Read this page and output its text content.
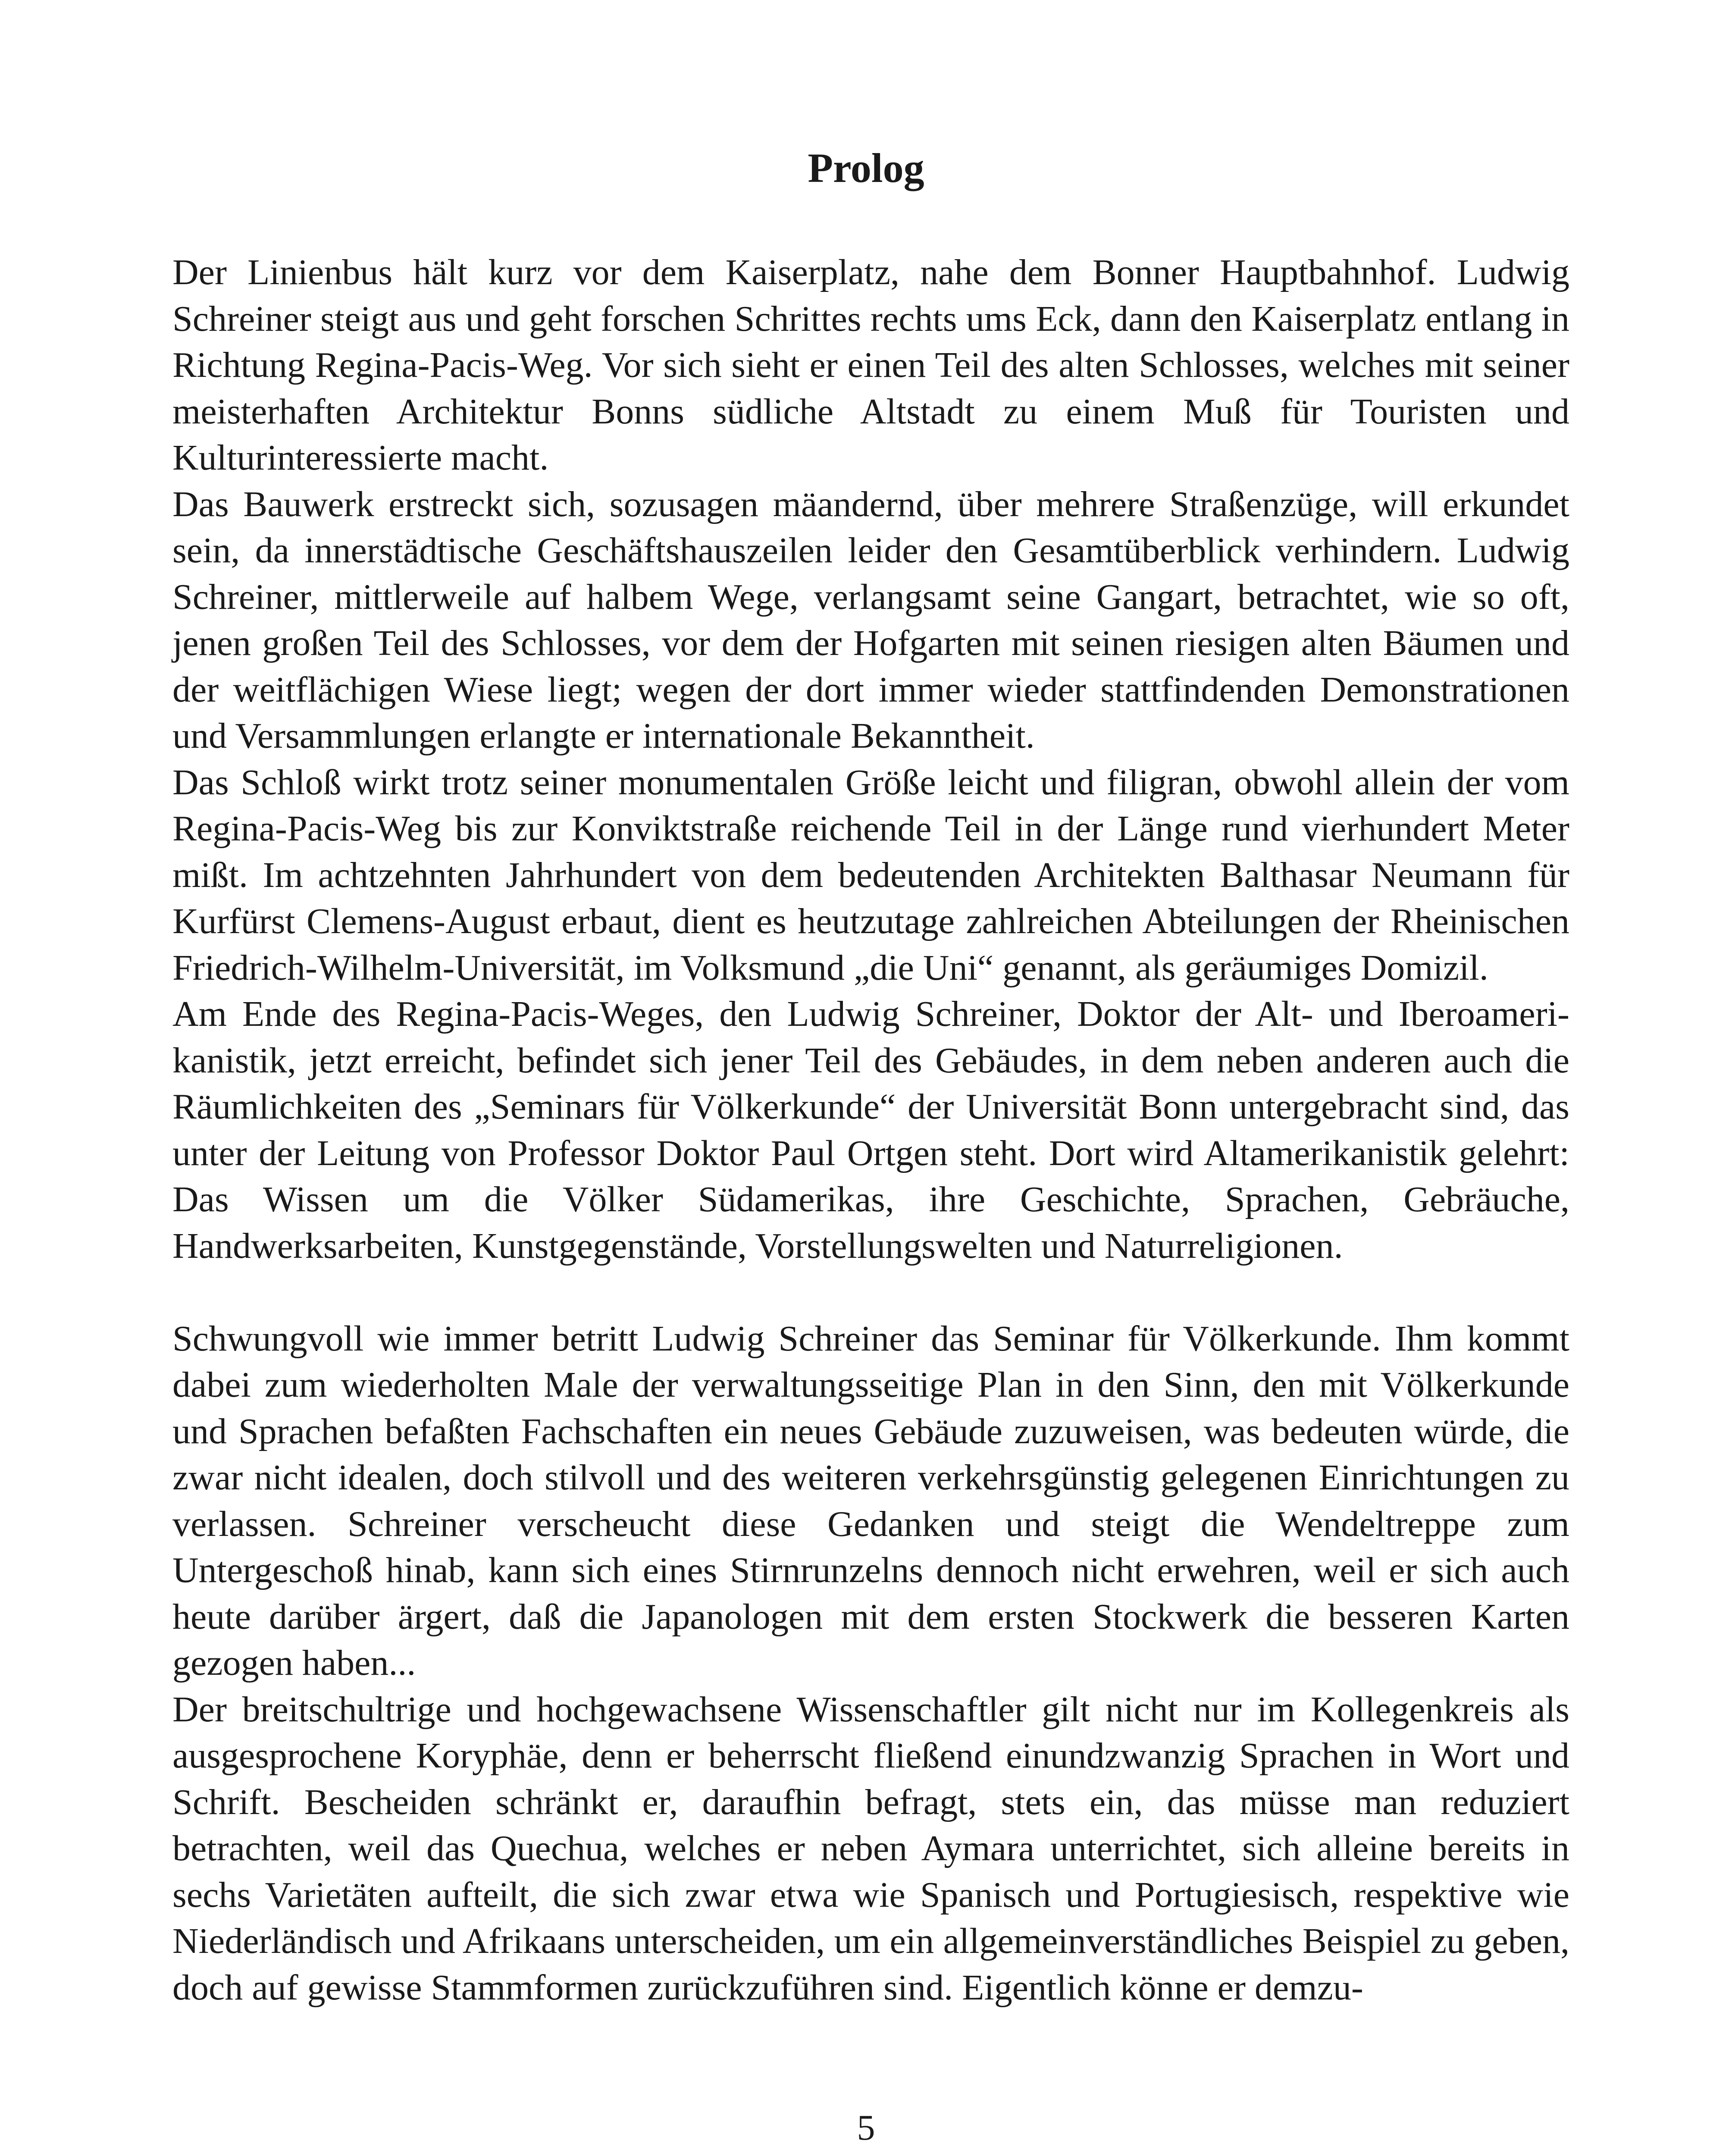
Prolog

Der Linienbus hält kurz vor dem Kaiserplatz, nahe dem Bonner Hauptbahnhof. Ludwig Schreiner steigt aus und geht forschen Schrittes rechts ums Eck, dann den Kaiserplatz entlang in Richtung Regina-Pacis-Weg. Vor sich sieht er einen Teil des alten Schlosses, welches mit seiner meisterhaften Architektur Bonns südliche Altstadt zu einem Muß für Touristen und Kulturinteressierte macht.

Das Bauwerk erstreckt sich, sozusagen mäandernd, über mehrere Straßenzüge, will erkundet sein, da innerstädtische Geschäftshauszeilen leider den Gesamtüberblick verhindern. Ludwig Schreiner, mittlerweile auf halbem Wege, verlangsamt seine Gangart, betrachtet, wie so oft, jenen großen Teil des Schlosses, vor dem der Hofgarten mit seinen riesigen alten Bäumen und der weitflächigen Wiese liegt; wegen der dort immer wieder stattfindenden Demonstrationen und Versammlungen erlangte er internationale Bekanntheit.

Das Schloß wirkt trotz seiner monumentalen Größe leicht und filigran, obwohl allein der vom Regina-Pacis-Weg bis zur Konviktstraße reichende Teil in der Länge rund vierhundert Meter mißt. Im achtzehnten Jahrhundert von dem bedeutenden Architekten Balthasar Neumann für Kurfürst Clemens-August erbaut, dient es heutzutage zahlreichen Abteilungen der Rheinischen Friedrich-Wilhelm-Universität, im Volksmund „die Uni“ genannt, als geräumiges Domizil.

Am Ende des Regina-Pacis-Weges, den Ludwig Schreiner, Doktor der Alt- und Iberoamerikanistik, jetzt erreicht, befindet sich jener Teil des Gebäudes, in dem neben anderen auch die Räumlichkeiten des „Seminars für Völkerkunde“ der Universität Bonn untergebracht sind, das unter der Leitung von Professor Doktor Paul Ortgen steht. Dort wird Altamerikanistik gelehrt: Das Wissen um die Völker Südamerikas, ihre Geschichte, Sprachen, Gebräuche, Handwerksarbeiten, Kunstgegenstände, Vorstellungswelten und Naturreligionen.

Schwungvoll wie immer betritt Ludwig Schreiner das Seminar für Völkerkunde. Ihm kommt dabei zum wiederholten Male der verwaltungsseitige Plan in den Sinn, den mit Völkerkunde und Sprachen befaßten Fachschaften ein neues Gebäude zuzuweisen, was bedeuten würde, die zwar nicht idealen, doch stilvoll und des weiteren verkehrsgünstig gelegenen Einrichtungen zu verlassen. Schreiner verscheucht diese Gedanken und steigt die Wendeltreppe zum Untergeschoß hinab, kann sich eines Stirnrunzelns dennoch nicht erwehren, weil er sich auch heute darüber ärgert, daß die Japanologen mit dem ersten Stockwerk die besseren Karten gezogen haben...

Der breitschultrige und hochgewachsene Wissenschaftler gilt nicht nur im Kollegenkreis als ausgesprochene Koryphäe, denn er beherrscht fließend einundzwanzig Sprachen in Wort und Schrift. Bescheiden schränkt er, daraufhin befragt, stets ein, das müsse man reduziert betrachten, weil das Quechua, welches er neben Aymara unterrichtet, sich alleine bereits in sechs Varietäten aufteilt, die sich zwar etwa wie Spanisch und Portugiesisch, respektive wie Niederländisch und Afrikaans unterscheiden, um ein allgemeinverständliches Beispiel zu geben, doch auf gewisse Stammformen zurückzuführen sind. Eigentlich könne er demzu-

5
